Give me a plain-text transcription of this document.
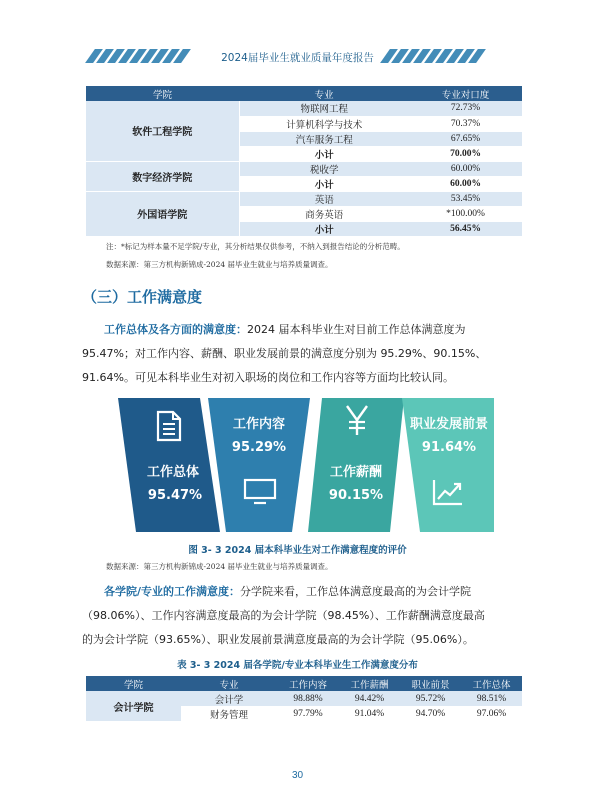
2024届毕业生就业质量年度报告
学院	专业	专业对口度
软件工程学院	物联网工程	72.73%
	计算机科学与技术	70.37%
	汽车服务工程	67.65%
	小计	70.00%
数字经济学院	税收学	60.00%
	小计	60.00%
外国语学院	英语	53.45%
	商务英语	*100.00%
	小计	56.45%
注：*标记为样本量不足学院/专业，其分析结果仅供参考，不纳入到报告结论的分析范畴。
数据来源：第三方机构新锦成-2024 届毕业生就业与培养质量调查。
（三）工作满意度
工作总体及各方面的满意度：2024 届本科毕业生对目前工作总体满意度为
95.47%；对工作内容、薪酬、职业发展前景的满意度分别为 95.29%、90.15%、
91.64%。可见本科毕业生对初入职场的岗位和工作内容等方面均比较认同。
工作总体
95.47%
工作内容
95.29%
工作薪酬
90.15%
职业发展前景
91.64%
图 3- 3 2024 届本科毕业生对工作满意程度的评价
数据来源：第三方机构新锦成-2024 届毕业生就业与培养质量调查。
各学院/专业的工作满意度：分学院来看，工作总体满意度最高的为会计学院
（98.06%）、工作内容满意度最高的为会计学院（98.45%）、工作薪酬满意度最高
的为会计学院（93.65%）、职业发展前景满意度最高的为会计学院（95.06%）。
表 3- 3 2024 届各学院/专业本科毕业生工作满意度分布
学院	专业	工作内容	工作薪酬	职业前景	工作总体
会计学院	会计学	98.88%	94.42%	95.72%	98.51%
	财务管理	97.79%	91.04%	94.70%	97.06%
30
